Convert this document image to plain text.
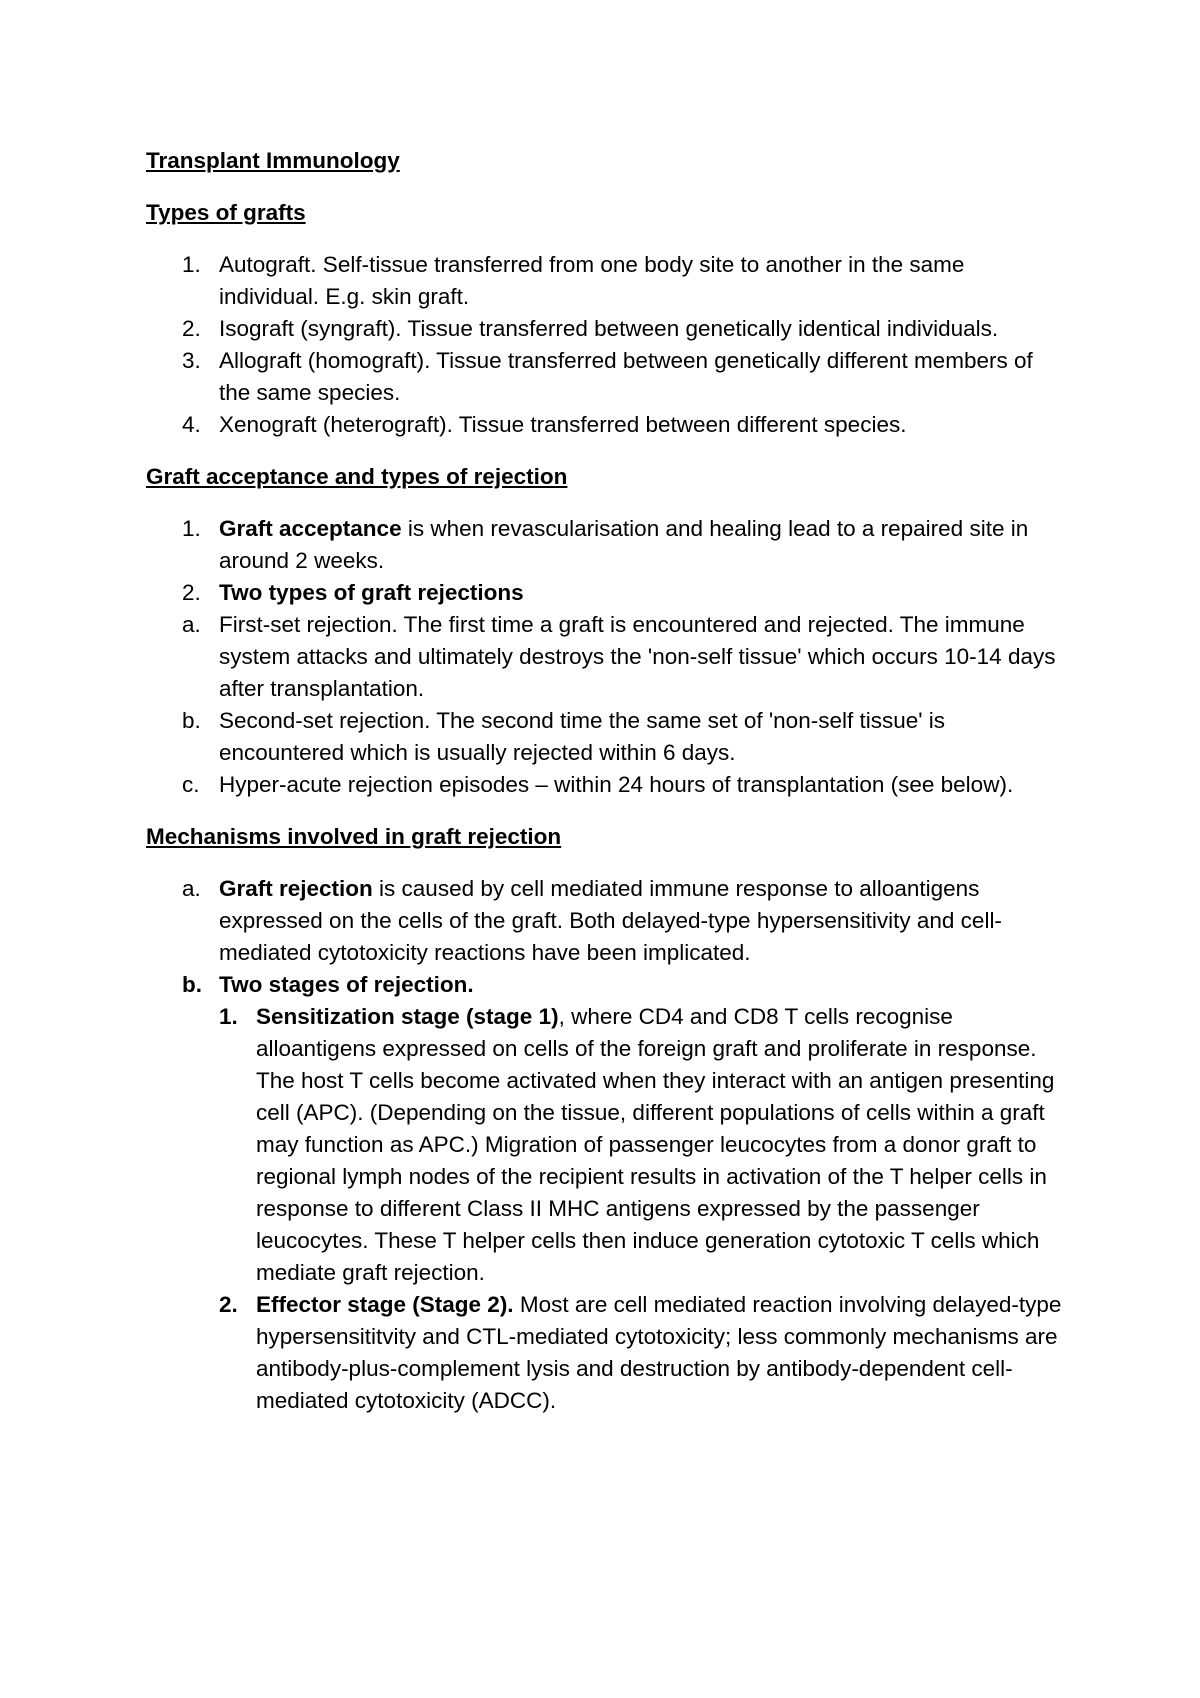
Transplant Immunology

Types of grafts

1. Autograft. Self-tissue transferred from one body site to another in the same individual. E.g. skin graft.
2. Isograft (syngraft). Tissue transferred between genetically identical individuals.
3. Allograft (homograft). Tissue transferred between genetically different members of the same species.
4. Xenograft (heterograft). Tissue transferred between different species.

Graft acceptance and types of rejection

1. Graft acceptance is when revascularisation and healing lead to a repaired site in around 2 weeks.
2. Two types of graft rejections
a. First-set rejection. The first time a graft is encountered and rejected. The immune system attacks and ultimately destroys the 'non-self tissue' which occurs 10-14 days after transplantation.
b. Second-set rejection. The second time the same set of 'non-self tissue' is encountered which is usually rejected within 6 days.
c. Hyper-acute rejection episodes – within 24 hours of transplantation (see below).

Mechanisms involved in graft rejection

a. Graft rejection is caused by cell mediated immune response to alloantigens expressed on the cells of the graft. Both delayed-type hypersensitivity and cell-mediated cytotoxicity reactions have been implicated.
b. Two stages of rejection.
1. Sensitization stage (stage 1), where CD4 and CD8 T cells recognise alloantigens expressed on cells of the foreign graft and proliferate in response. The host T cells become activated when they interact with an antigen presenting cell (APC). (Depending on the tissue, different populations of cells within a graft may function as APC.) Migration of passenger leucocytes from a donor graft to regional lymph nodes of the recipient results in activation of the T helper cells in response to different Class II MHC antigens expressed by the passenger leucocytes. These T helper cells then induce generation cytotoxic T cells which mediate graft rejection.
2. Effector stage (Stage 2). Most are cell mediated reaction involving delayed-type hypersensititvity and CTL-mediated cytotoxicity; less commonly mechanisms are antibody-plus-complement lysis and destruction by antibody-dependent cell-mediated cytotoxicity (ADCC).
